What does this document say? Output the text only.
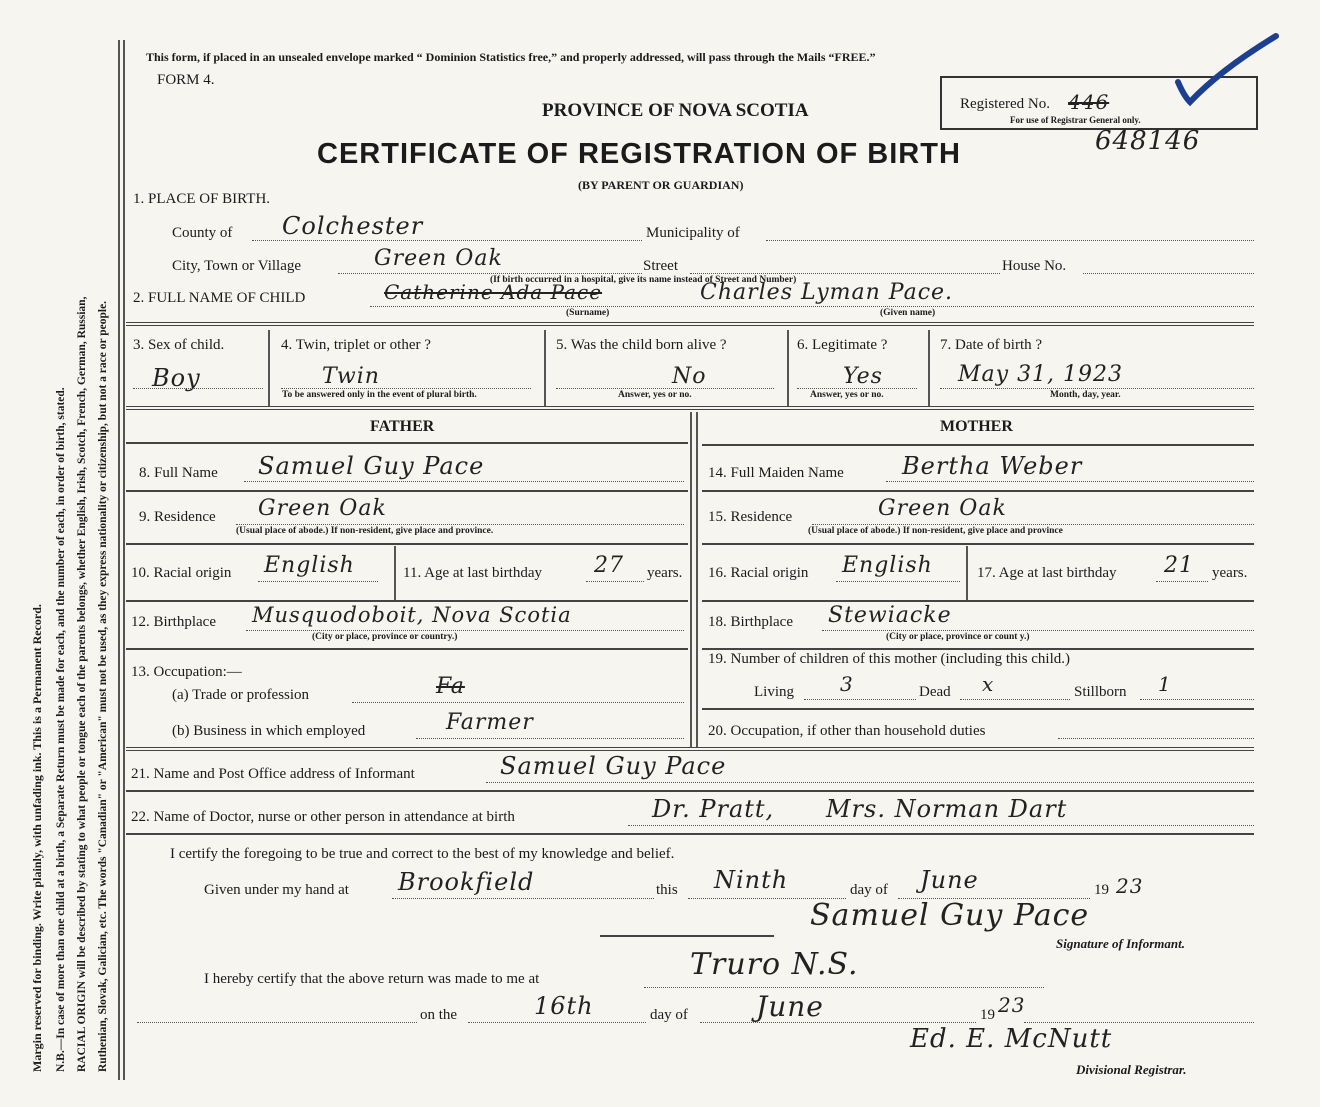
Margin reserved for binding. Write plainly, with unfading ink. This is a Permanent Record. N.B.—In case of more than one child at a birth, a Separate Return must be made for each, and the number of each, in order of birth, stated. RACIAL ORIGIN will be described by stating to what people or tongue each of the parents belongs, whether English, Irish, Scotch, French, German, Russian, Ruthenian, Slovak, Galician, etc. The words "Canadian" or "American" must not be used, as they express nationality or citizenship, but not a race or people.
This form, if placed in an unsealed envelope marked “ Dominion Statistics free,” and properly addressed, will pass through the Mails “FREE.”
FORM 4.
PROVINCE OF NOVA SCOTIA
CERTIFICATE OF REGISTRATION OF BIRTH
(BY PARENT OR GUARDIAN)
Registered No. 446
For use of Registrar General only.
648146
1. PLACE OF BIRTH.
County of Colchester	Municipality of
City, Town or Village	Green Oak	Street	House No.
(If birth occurred in a hospital, give its name instead of Street and Number)
2. FULL NAME OF CHILD	Catherine Ada Pace	Charles Lyman Pace.
(Surname)	(Given name)
3. Sex of child.
Boy
4. Twin, triplet or other ?
Twin
To be answered only in the event of plural birth.
5. Was the child born alive ?
No
Answer, yes or no.
6. Legitimate ?
Yes
Answer, yes or no.
7. Date of birth ?
May 31, 1923
Month, day, year.
FATHER	MOTHER
8. Full Name Samuel Guy Pace
9. Residence Green Oak
(Usual place of abode.) If non-resident, give place and province.
10. Racial origin English	11. Age at last birthday 27 years.
12. Birthplace Musquodoboit, Nova Scotia
(City or place, province or country.)
13. Occupation:—
(a) Trade or profession	Fa
(b) Business in which employed	Farmer
14. Full Maiden Name Bertha Weber
15. Residence	Green Oak
(Usual place of abode.) If non-resident, give place and province
16. Racial origin English	17. Age at last birthday 21 years.
18. Birthplace Stewiacke
(City or place, province or count y.)
19. Number of children of this mother (including this child.)
Living 3	Dead x	Stillborn 1
20. Occupation, if other than household duties
21. Name and Post Office address of Informant	Samuel Guy Pace
22. Name of Doctor, nurse or other person in attendance at birth	Dr. Pratt,      Mrs. Norman Dart
I certify the foregoing to be true and correct to the best of my knowledge and belief.
Given under my hand at Brookfield	this Ninth	day of June	19 23
Samuel Guy Pace
Signature of Informant.
I hereby certify that the above return was made to me at	Truro N.S.
on the	16th	day of June	19 23
Ed. E. McNutt
Divisional Registrar.
